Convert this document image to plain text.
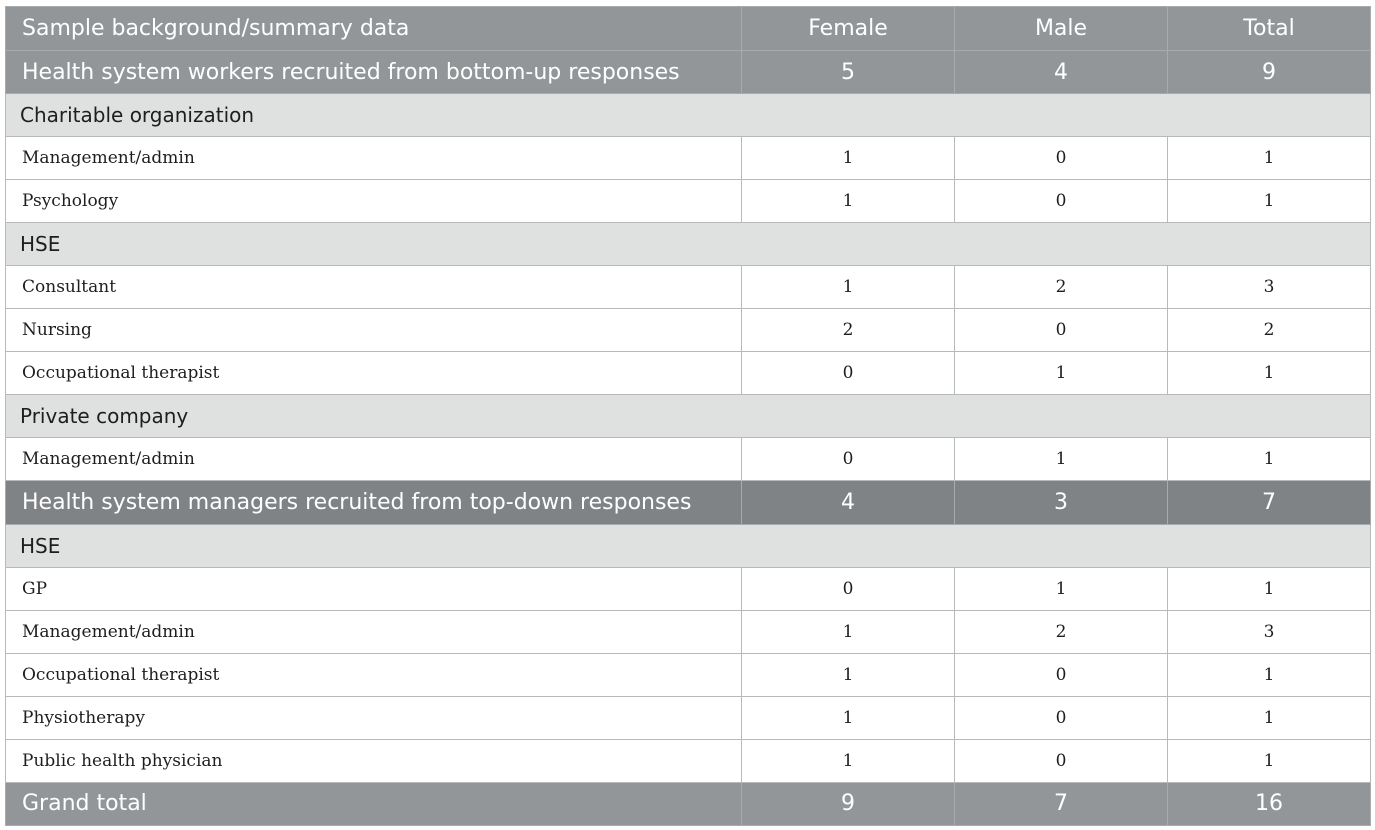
Sample background/summary data	Female	Male	Total
Health system workers recruited from bottom-up responses	5	4	9
Charitable organization			
Management/admin	1	0	1
Psychology	1	0	1
HSE			
Consultant	1	2	3
Nursing	2	0	2
Occupational therapist	0	1	1
Private company			
Management/admin	0	1	1
Health system managers recruited from top-down responses	4	3	7
HSE			
GP	0	1	1
Management/admin	1	2	3
Occupational therapist	1	0	1
Physiotherapy	1	0	1
Public health physician	1	0	1
Grand total	9	7	16
